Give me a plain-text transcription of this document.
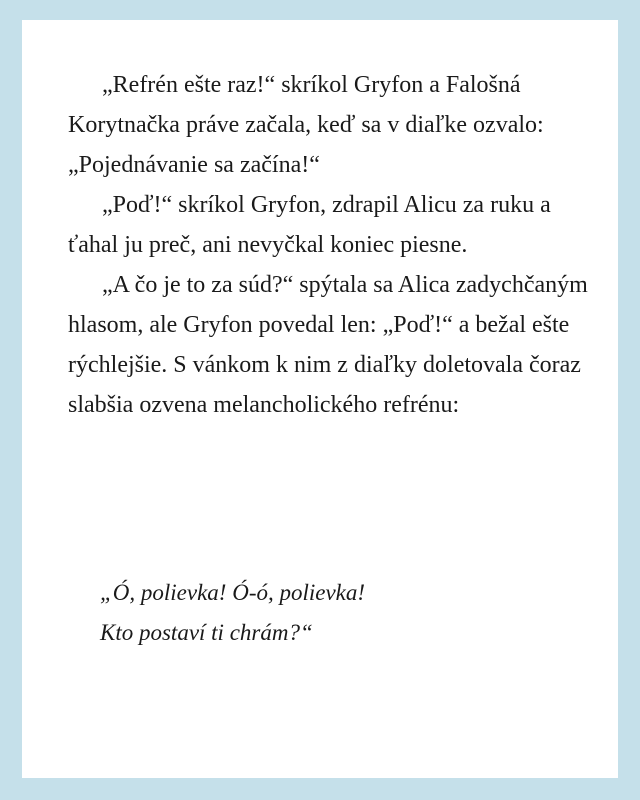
„Refrén ešte raz!“ skríkol Gryfon a Falošná Korytnačka práve začala, keď sa v diaľke ozvalo: „Pojednávanie sa začína!“

„Poď!“ skríkol Gryfon, zdrapil Alicu za ruku a ťahal ju preč, ani nevyčkal koniec piesne.

„A čo je to za súd?“ spýtala sa Alica zadychčaným hlasom, ale Gryfon povedal len: „Poď!“ a bežal ešte rýchlejšie. S vánkom k nim z diaľky doletovala čoraz slabšia ozvena melancholického refrénu:

„Ó, polievka! Ó-ó, polievka!
Kto postaví ti chrám?“
